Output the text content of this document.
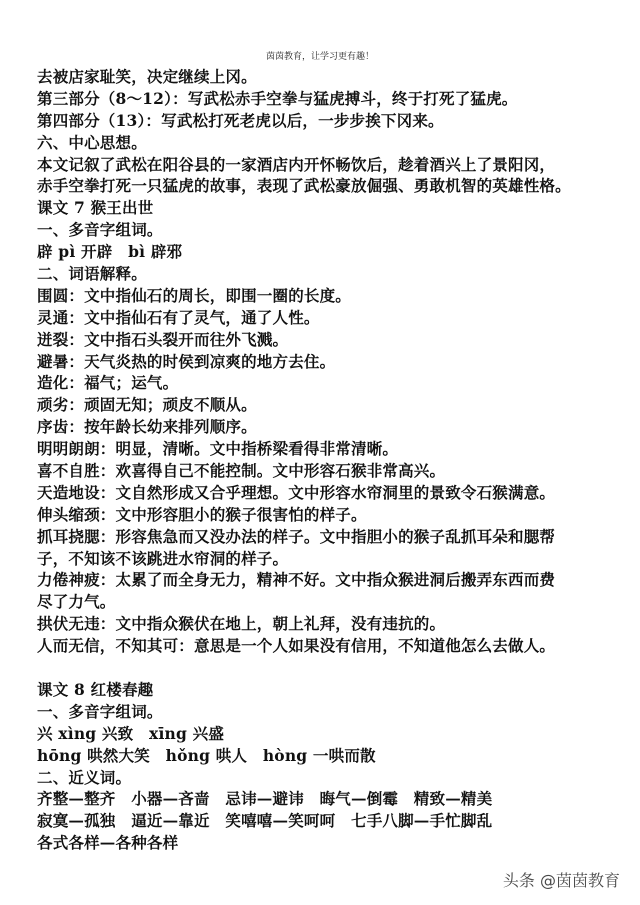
茵茵教育，让学习更有趣！
去被店家耻笑，决定继续上冈。
第三部分（8～12）：写武松赤手空拳与猛虎搏斗，终于打死了猛虎。
第四部分（13）：写武松打死老虎以后，一步步挨下冈来。
六、中心思想。
本文记叙了武松在阳谷县的一家酒店内开怀畅饮后，趁着酒兴上了景阳冈，
赤手空拳打死一只猛虎的故事，表现了武松豪放倔强、勇敢机智的英雄性格。
课文 7 猴王出世
一、多音字组词。
辟 pì 开辟　bì 辟邪
二、词语解释。
围圆：文中指仙石的周长，即围一圈的长度。
灵通：文中指仙石有了灵气，通了人性。
迸裂：文中指石头裂开而往外飞溅。
避暑：天气炎热的时侯到凉爽的地方去住。
造化：福气；运气。
顽劣：顽固无知；顽皮不顺从。
序齿：按年龄长幼来排列顺序。
明明朗朗：明显，清晰。文中指桥梁看得非常清晰。
喜不自胜：欢喜得自己不能控制。文中形容石猴非常高兴。
天造地设：文自然形成又合乎理想。文中形容水帘洞里的景致令石猴满意。
伸头缩颈：文中形容胆小的猴子很害怕的样子。
抓耳挠腮：形容焦急而又没办法的样子。文中指胆小的猴子乱抓耳朵和腮帮
子，不知该不该跳进水帘洞的样子。
力倦神疲：太累了而全身无力，精神不好。文中指众猴进洞后搬弄东西而费
尽了力气。
拱伏无违：文中指众猴伏在地上，朝上礼拜，没有违抗的。
人而无信，不知其可：意思是一个人如果没有信用，不知道他怎么去做人。
课文 8 红楼春趣
一、多音字组词。
兴 xìng 兴致　xīng 兴盛
hōng 哄然大笑　hǒng 哄人　hòng 一哄而散
二、近义词。
齐整—整齐　小器—吝啬　忌讳—避讳　晦气—倒霉　精致—精美
寂寞—孤独　逼近—靠近　笑嘻嘻—笑呵呵　七手八脚—手忙脚乱
各式各样—各种各样
头条 @茵茵教育
